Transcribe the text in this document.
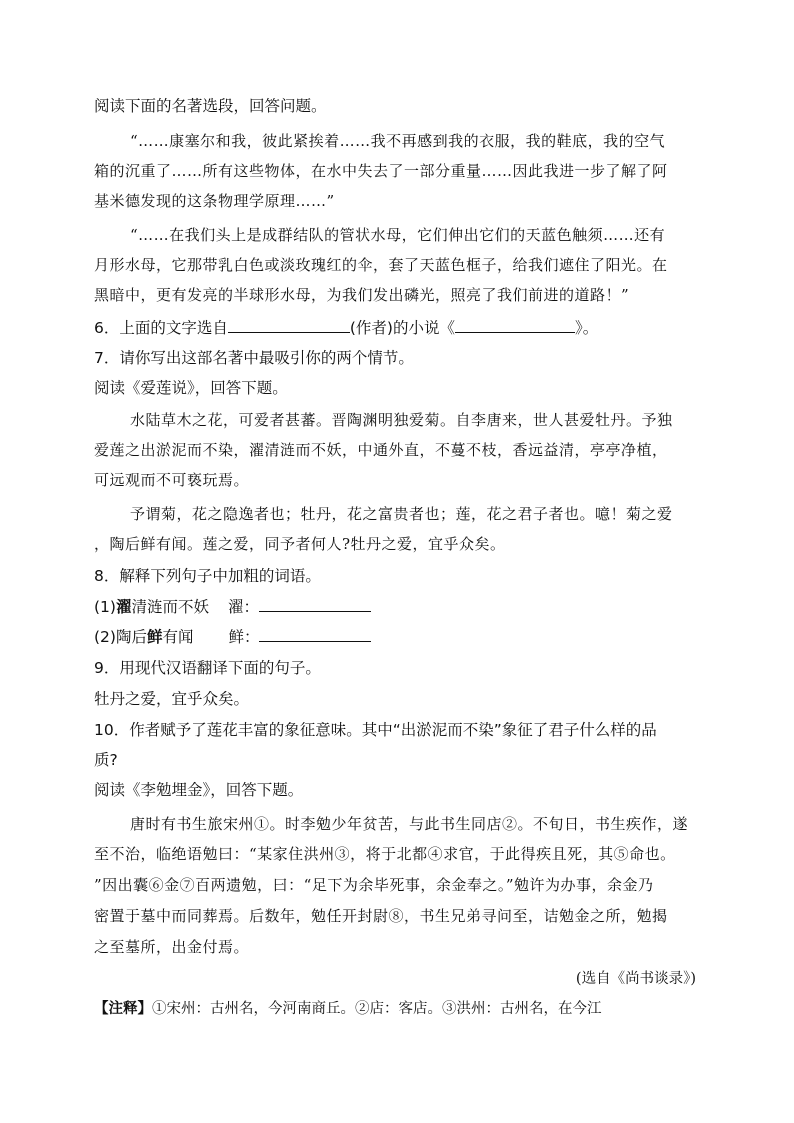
阅读下面的名著选段，回答问题。

“……康塞尔和我，彼此紧挨着……我不再感到我的衣服，我的鞋底，我的空气

箱的沉重了……所有这些物体，在水中失去了一部分重量……因此我进一步了解了阿

基米德发现的这条物理学原理……”

“……在我们头上是成群结队的管状水母，它们伸出它们的天蓝色触须……还有

月形水母，它那带乳白色或淡玫瑰红的伞，套了天蓝色框子，给我们遮住了阳光。在

黑暗中，更有发亮的半球形水母，为我们发出磷光，照亮了我们前进的道路！”

6．上面的文字选自	(作者)的小说《	》。

7．请你写出这部名著中最吸引你的两个情节。

阅读《爱莲说》，回答下题。

水陆草木之花，可爱者甚蕃。晋陶渊明独爱菊。自李唐来，世人甚爱牡丹。予独

爱莲之出淤泥而不染，濯清涟而不妖，中通外直，不蔓不枝，香远益清，亭亭净植，

可远观而不可亵玩焉。

予谓菊，花之隐逸者也；牡丹，花之富贵者也；莲，花之君子者也。噫！菊之爱

，陶后鲜有闻。莲之爱，同予者何人?牡丹之爱，宜乎众矣。

8．解释下列句子中加粗的词语。

(1)濯清涟而不妖 濯：

(2)陶后鲜有闻 鲜：

9．用现代汉语翻译下面的句子。

牡丹之爱，宜乎众矣。

10．作者赋予了莲花丰富的象征意味。其中“出淤泥而不染”象征了君子什么样的品

质?

阅读《李勉埋金》，回答下题。

唐时有书生旅宋州①。时李勉少年贫苦，与此书生同店②。不旬日，书生疾作，遂

至不治，临绝语勉曰：“某家住洪州③，将于北都④求官，于此得疾且死，其⑤命也。

”因出囊⑥金⑦百两遗勉，曰：“足下为余毕死事，余金奉之。”勉许为办事，余金乃

密置于墓中而同葬焉。后数年，勉任开封尉⑧，书生兄弟寻问至，诘勉金之所，勉揭

之至墓所，出金付焉。

(选自《尚书谈录》)

【注释】①宋州：古州名，今河南商丘。②店：客店。③洪州：古州名，在今江
